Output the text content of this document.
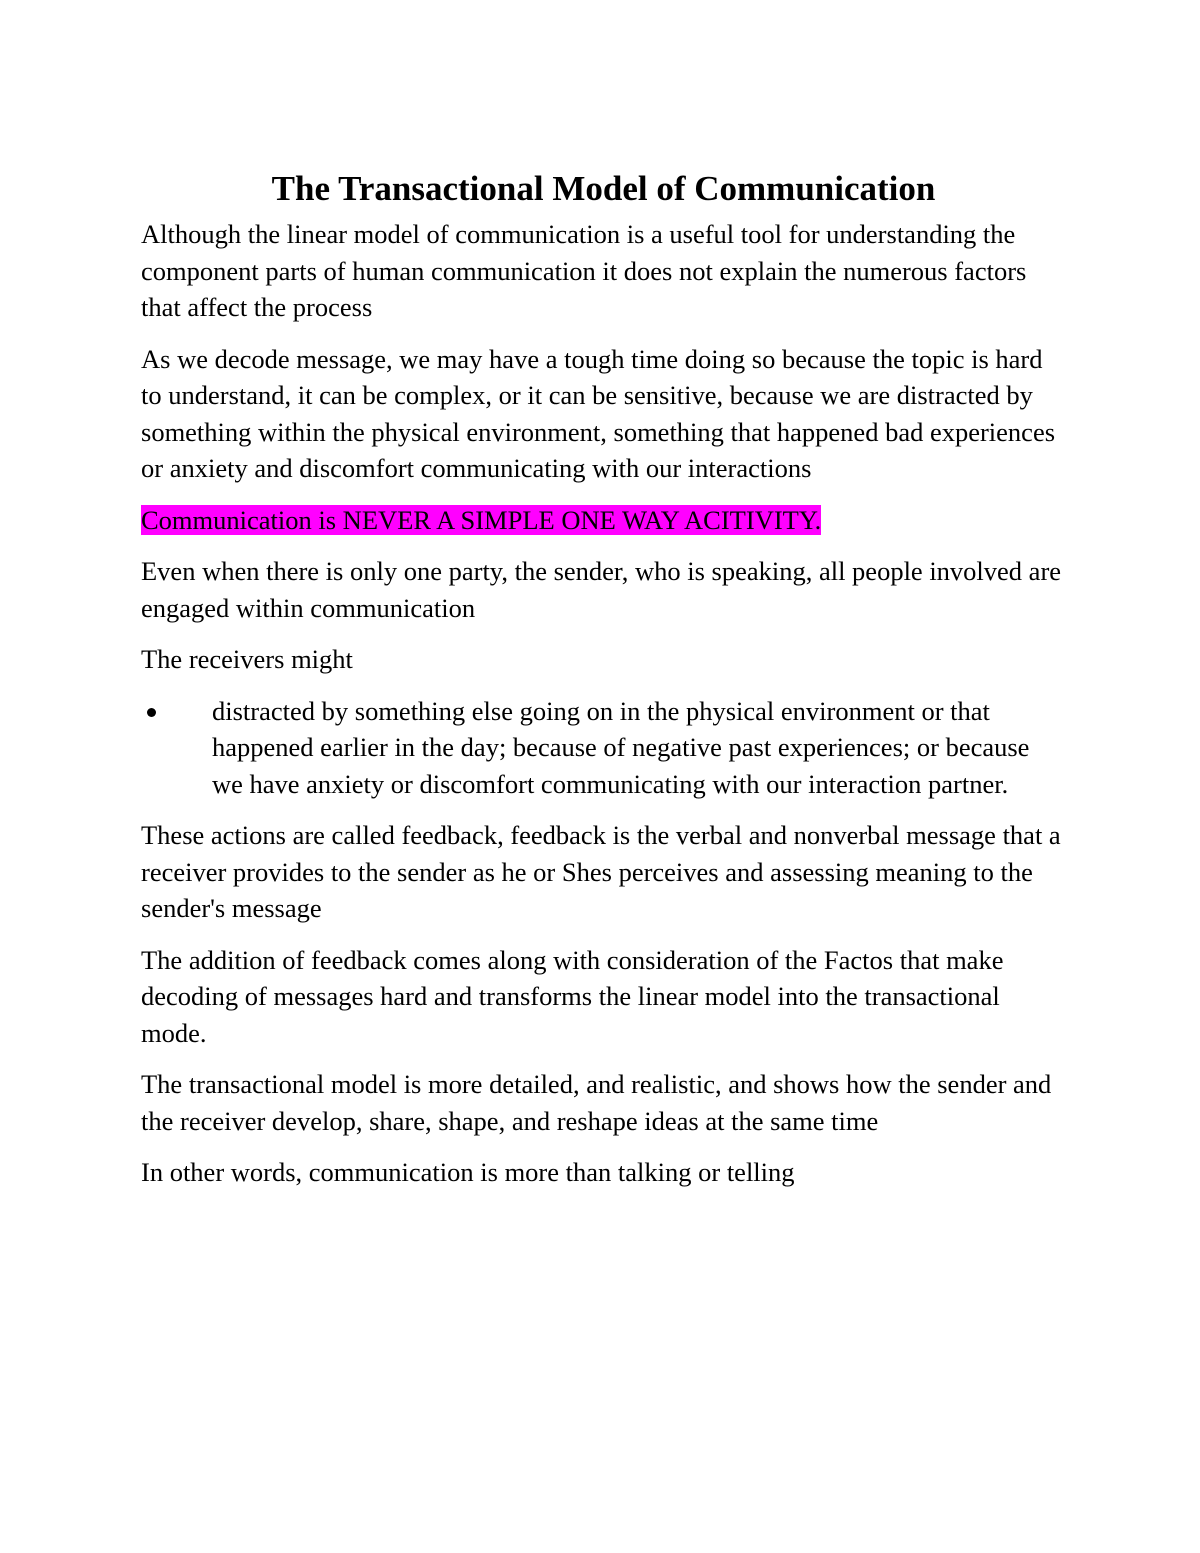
The Transactional Model of Communication

Although the linear model of communication is a useful tool for understanding the component parts of human communication it does not explain the numerous factors that affect the process

As we decode message, we may have a tough time doing so because the topic is hard to understand, it can be complex, or it can be sensitive, because we are distracted by something within the physical environment, something that happened bad experiences or anxiety and discomfort communicating with our interactions

Communication is NEVER A SIMPLE ONE WAY ACITIVITY.

Even when there is only one party, the sender, who is speaking, all people involved are engaged within communication

The receivers might

distracted by something else going on in the physical environment or that happened earlier in the day; because of negative past experiences; or because we have anxiety or discomfort communicating with our interaction partner.

These actions are called feedback, feedback is the verbal and nonverbal message that a receiver provides to the sender as he or Shes perceives and assessing meaning to the sender's message

The addition of feedback comes along with consideration of the Factos that make decoding of messages hard and transforms the linear model into the transactional mode.

The transactional model is more detailed, and realistic, and shows how the sender and the receiver develop, share, shape, and reshape ideas at the same time

In other words, communication is more than talking or telling
